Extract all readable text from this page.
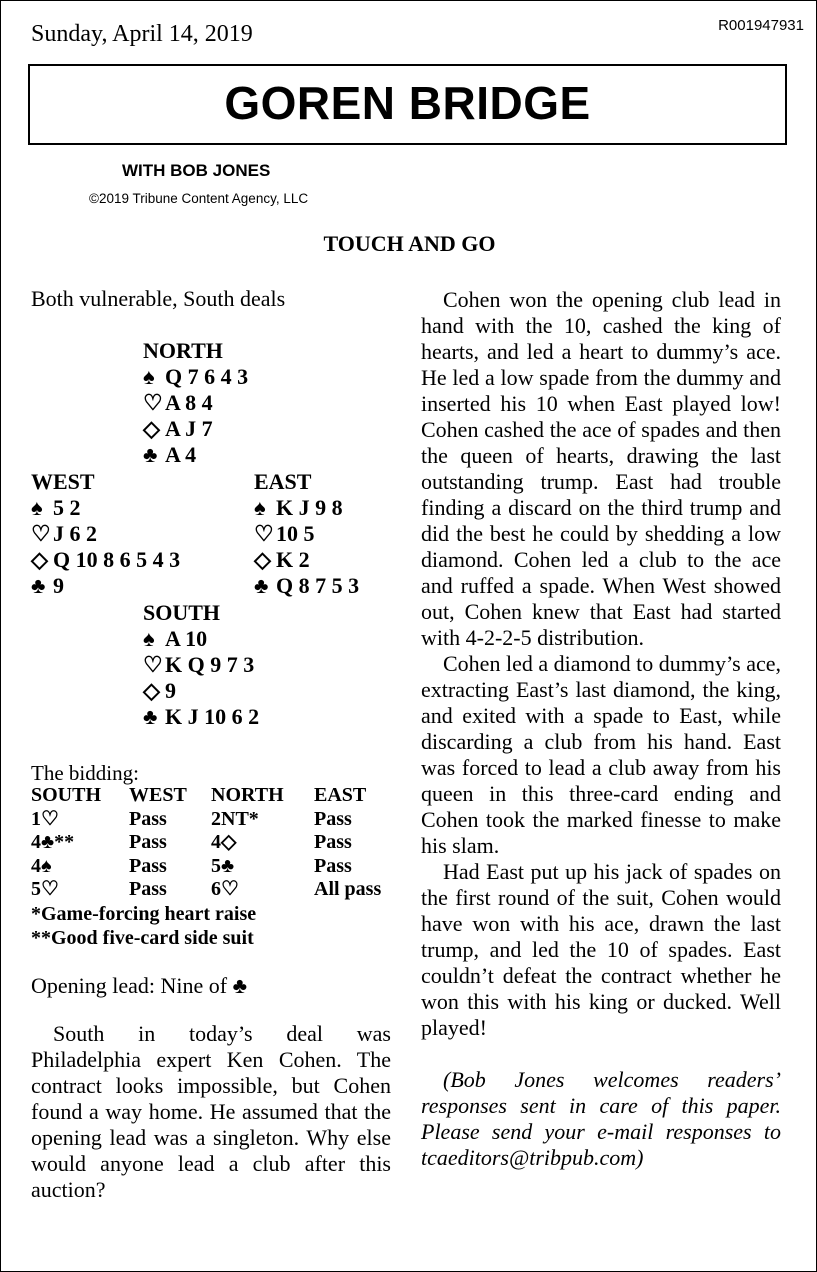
Sunday, April 14, 2019	R001947931
GOREN BRIDGE
WITH BOB JONES
©2019 Tribune Content Agency, LLC
TOUCH AND GO
Both vulnerable, South deals
NORTH
♠ Q 7 6 4 3
♡ A 8 4
◇ A J 7
♣ A 4
WEST
♠ 5 2
♡ J 6 2
◇ Q 10 8 6 5 4 3
♣ 9
EAST
♠ K J 9 8
♡ 10 5
◇ K 2
♣ Q 8 7 5 3
SOUTH
♠ A 10
♡ K Q 9 7 3
◇ 9
♣ K J 10 6 2
The bidding:
SOUTH WEST NORTH EAST
1♡	Pass 2NT*	Pass
4♣**	Pass 4◇	Pass
4♠	Pass 5♣	Pass
5♡	Pass 6♡	All pass
*Game-forcing heart raise
**Good five-card side suit
Opening lead: Nine of ♣

South in today’s deal was Philadelphia expert Ken Cohen. The contract looks impossible, but Cohen found a way home. He assumed that the opening lead was a singleton. Why else would anyone lead a club after this auction?

Cohen won the opening club lead in hand with the 10, cashed the king of hearts, and led a heart to dummy’s ace. He led a low spade from the dummy and inserted his 10 when East played low! Cohen cashed the ace of spades and then the queen of hearts, drawing the last outstanding trump. East had trouble finding a discard on the third trump and did the best he could by shedding a low diamond. Cohen led a club to the ace and ruffed a spade. When West showed out, Cohen knew that East had started with 4-2-2-5 distribution.

Cohen led a diamond to dummy’s ace, extracting East’s last diamond, the king, and exited with a spade to East, while discarding a club from his hand. East was forced to lead a club away from his queen in this three-card ending and Cohen took the marked finesse to make his slam.

Had East put up his jack of spades on the first round of the suit, Cohen would have won with his ace, drawn the last trump, and led the 10 of spades. East couldn’t defeat the contract whether he won this with his king or ducked. Well played!

(Bob Jones welcomes readers’ responses sent in care of this paper. Please send your e-mail responses to tcaeditors@tribpub.com)
